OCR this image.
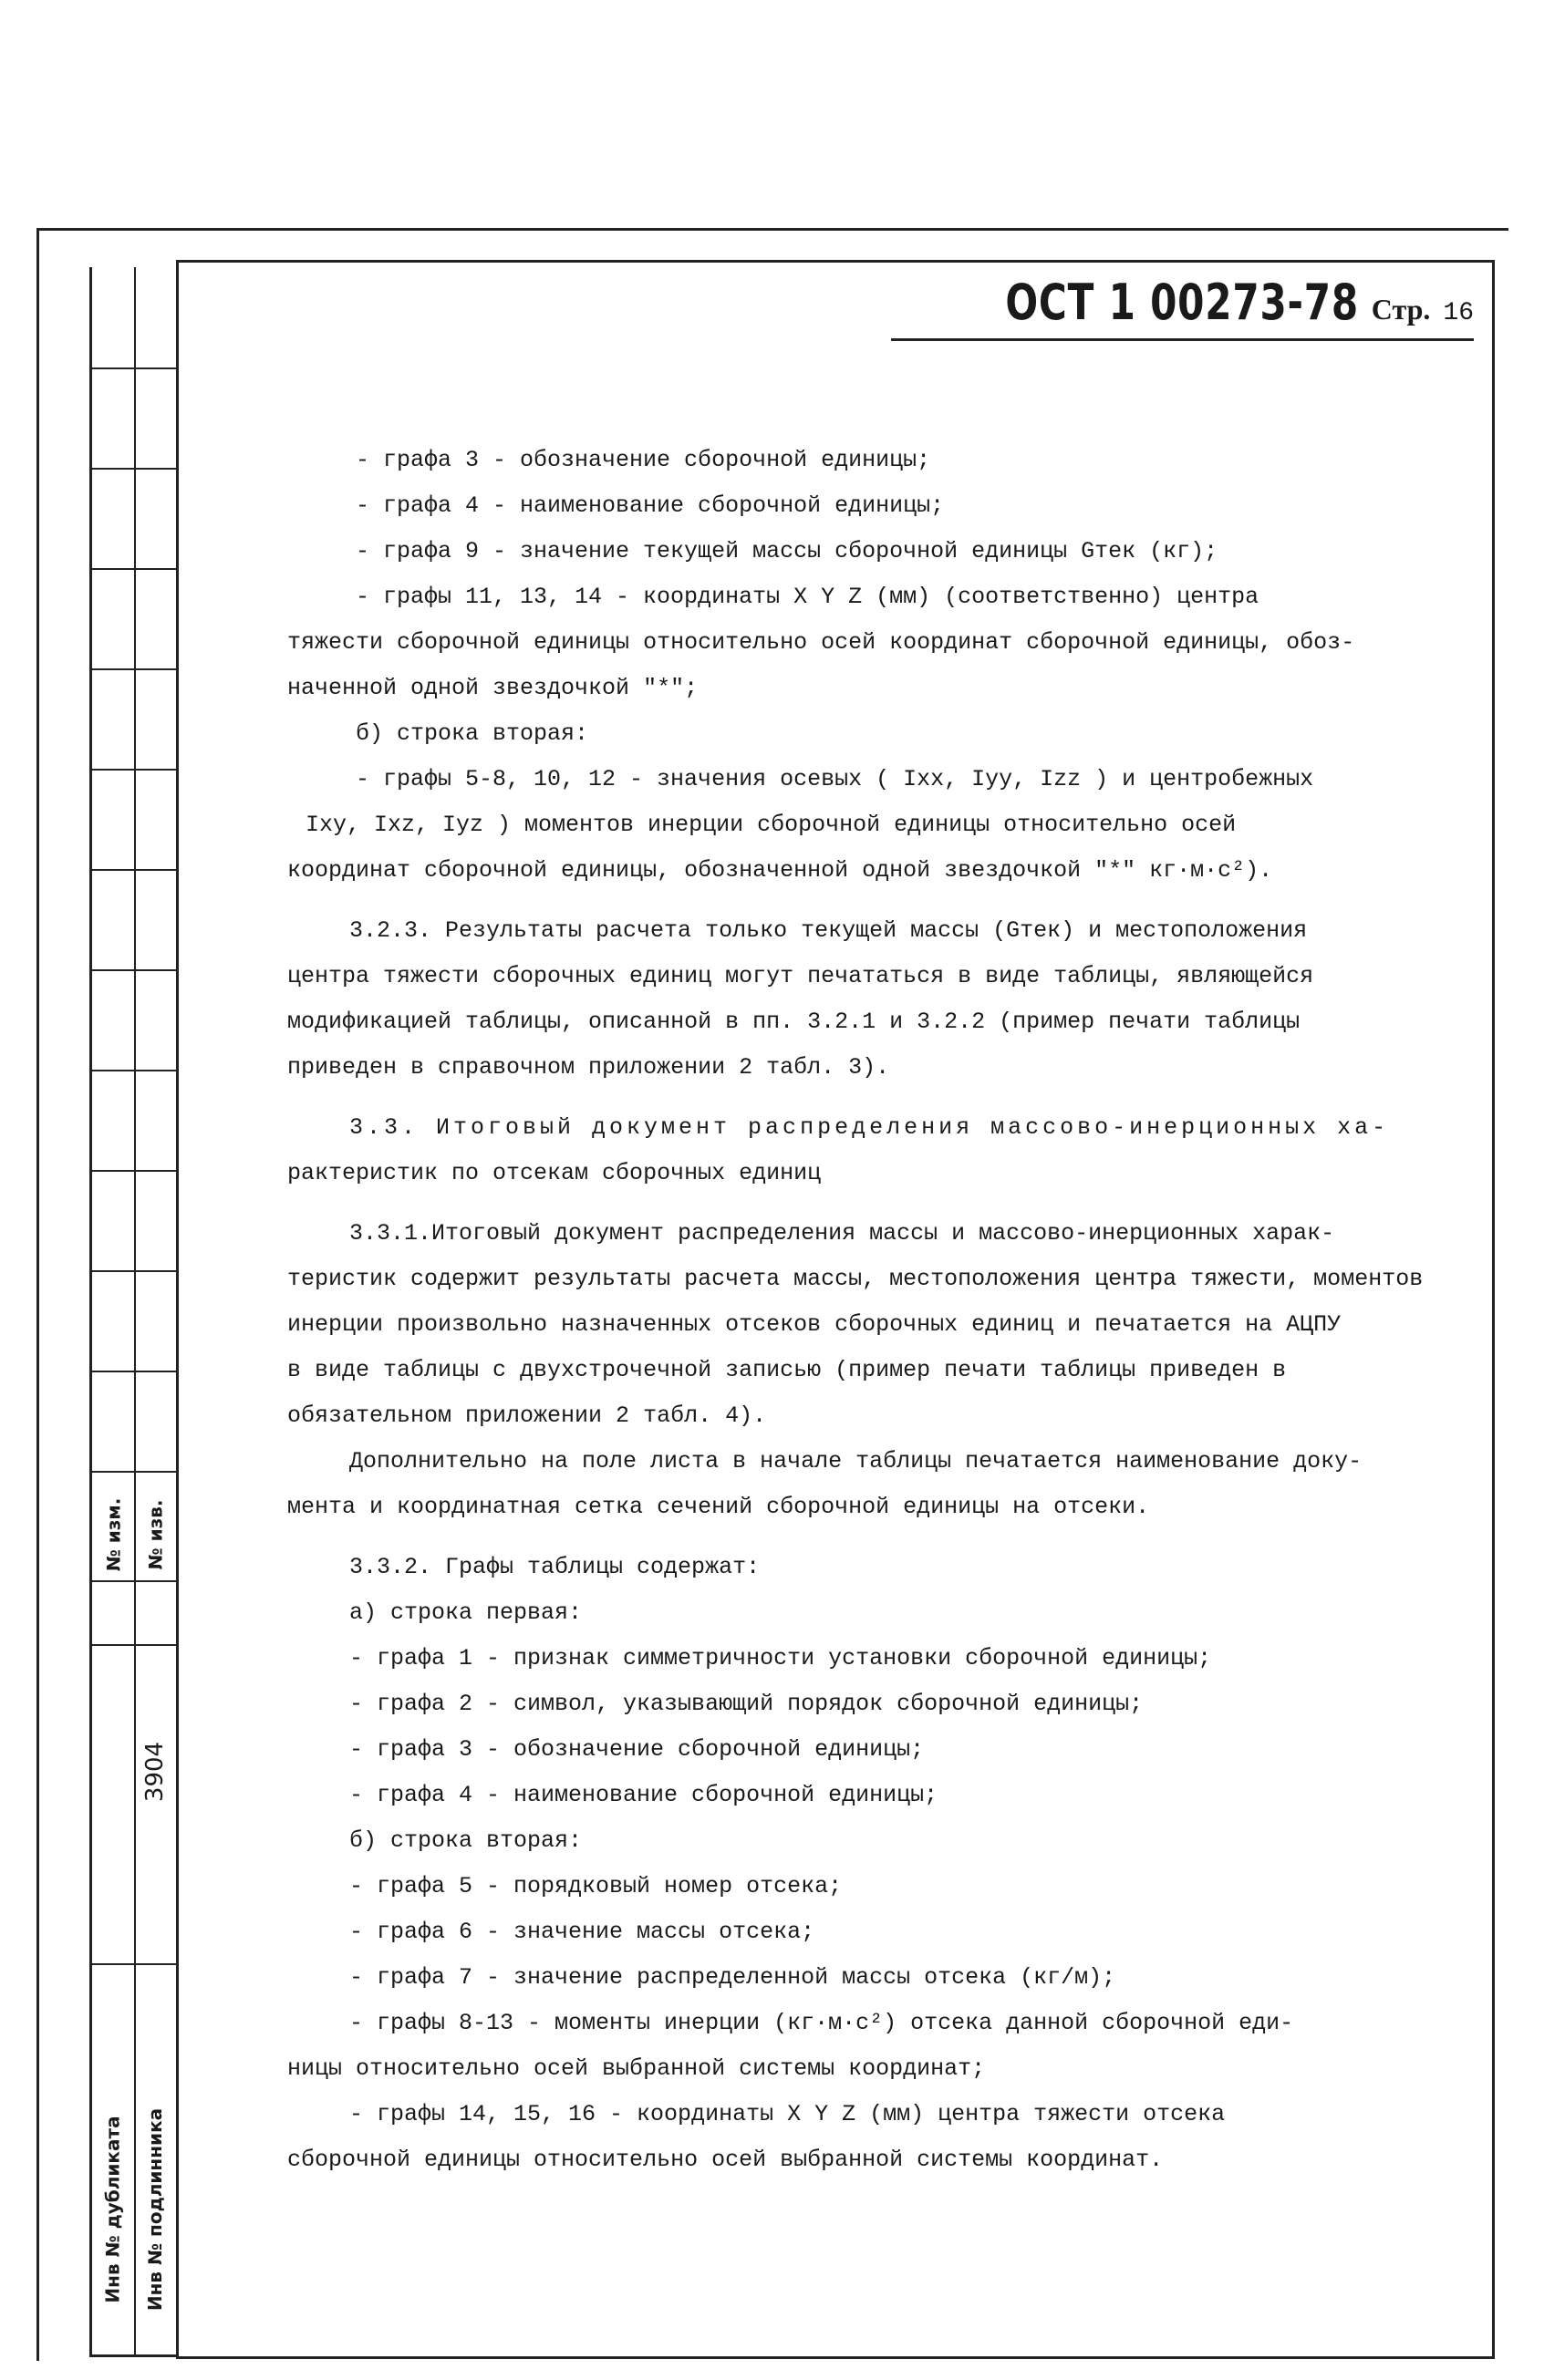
№ изм. № изв.
3904
Инв № дубликата Инв № подлинника
ОСТ 1 00273-78 Стр. 16

- графа 3 - обозначение сборочной единицы;

- графа 4 - наименование сборочной единицы;

- графа 9 - значение текущей массы сборочной единицы Gтек (кг);

- графы 11, 13, 14 - координаты X Y Z (мм) (соответственно) центра

тяжести сборочной единицы относительно осей координат сборочной единицы, обоз-

наченной одной звездочкой "*";

б) строка вторая:

- графы 5-8, 10, 12 - значения осевых ( Ixx, Iyy, Izz ) и центробежных

Ixy, Ixz, Iyz ) моментов инерции сборочной единицы относительно осей

координат сборочной единицы, обозначенной одной звездочкой "*" кг·м·с²).

3.2.3. Результаты расчета только текущей массы (Gтек) и местоположения

центра тяжести сборочных единиц могут печататься в виде таблицы, являющейся

модификацией таблицы, описанной в пп. 3.2.1 и 3.2.2 (пример печати таблицы

приведен в справочном приложении 2 табл. 3).

3.3. Итоговый документ распределения массово-инерционных ха-

рактеристик по отсекам сборочных единиц

3.3.1.Итоговый документ распределения массы и массово-инерционных харак-

теристик содержит результаты расчета массы, местоположения центра тяжести, моментов

инерции произвольно назначенных отсеков сборочных единиц и печатается на АЦПУ

в виде таблицы с двухстрочечной записью (пример печати таблицы приведен в

обязательном приложении 2 табл. 4).

Дополнительно на поле листа в начале таблицы печатается наименование доку-

мента и координатная сетка сечений сборочной единицы на отсеки.

3.3.2. Графы таблицы содержат:

а) строка первая:

- графа 1 - признак симметричности установки сборочной единицы;

- графа 2 - символ, указывающий порядок сборочной единицы;

- графа 3 - обозначение сборочной единицы;

- графа 4 - наименование сборочной единицы;

б) строка вторая:

- графа 5 - порядковый номер отсека;

- графа 6 - значение массы отсека;

- графа 7 - значение распределенной массы отсека (кг/м);

- графы 8-13 - моменты инерции (кг·м·с²) отсека данной сборочной еди-

ницы относительно осей выбранной системы координат;

- графы 14, 15, 16 - координаты X Y Z (мм) центра тяжести отсека

сборочной единицы относительно осей выбранной системы координат.
